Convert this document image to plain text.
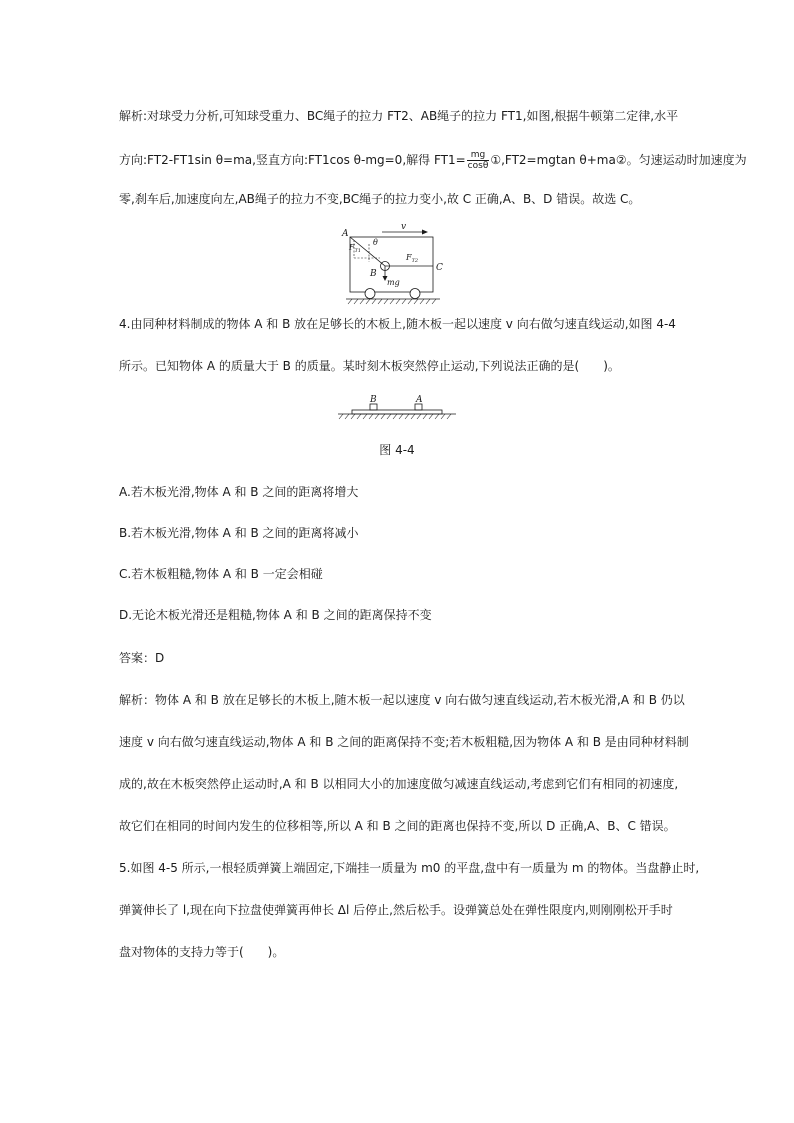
解析:对球受力分析,可知球受重力、BC绳子的拉力 FT2、AB绳子的拉力 FT1,如图,根据牛顿第二定律,水平
方向:FT2-FT1sin θ=ma,竖直方向:FT1cos θ-mg=0,解得 $FT1= \frac{mg}{\cos\theta}$ ①,FT2=mgtan θ+ma②。匀速运动时加速度为
零,刹车后,加速度向左,AB绳子的拉力不变,BC绳子的拉力变小,故 C 正确,A、B、D 错误。故选 C。
v
A
θ
$F_{T1}$
$F_{T2}$
B
C
mg
4.由同种材料制成的物体 A 和 B 放在足够长的木板上,随木板一起以速度 v 向右做匀速直线运动,如图 4-4
所示。已知物体 A 的质量大于 B 的质量。某时刻木板突然停止运动,下列说法正确的是(　　)。
B	A
图 4-4
A.若木板光滑,物体 A 和 B 之间的距离将增大
B.若木板光滑,物体 A 和 B 之间的距离将减小
C.若木板粗糙,物体 A 和 B 一定会相碰
D.无论木板光滑还是粗糙,物体 A 和 B 之间的距离保持不变
答案：D
解析：物体 A 和 B 放在足够长的木板上,随木板一起以速度 v 向右做匀速直线运动,若木板光滑,A 和 B 仍以
速度 v 向右做匀速直线运动,物体 A 和 B 之间的距离保持不变;若木板粗糙,因为物体 A 和 B 是由同种材料制
成的,故在木板突然停止运动时,A 和 B 以相同大小的加速度做匀减速直线运动,考虑到它们有相同的初速度,
故它们在相同的时间内发生的位移相等,所以 A 和 B 之间的距离也保持不变,所以 D 正确,A、B、C 错误。
5.如图 4-5 所示,一根轻质弹簧上端固定,下端挂一质量为 m0 的平盘,盘中有一质量为 m 的物体。当盘静止时,
弹簧伸长了 l,现在向下拉盘使弹簧再伸长 Δl 后停止,然后松手。设弹簧总处在弹性限度内,则刚刚松开手时
盘对物体的支持力等于(　　)。
